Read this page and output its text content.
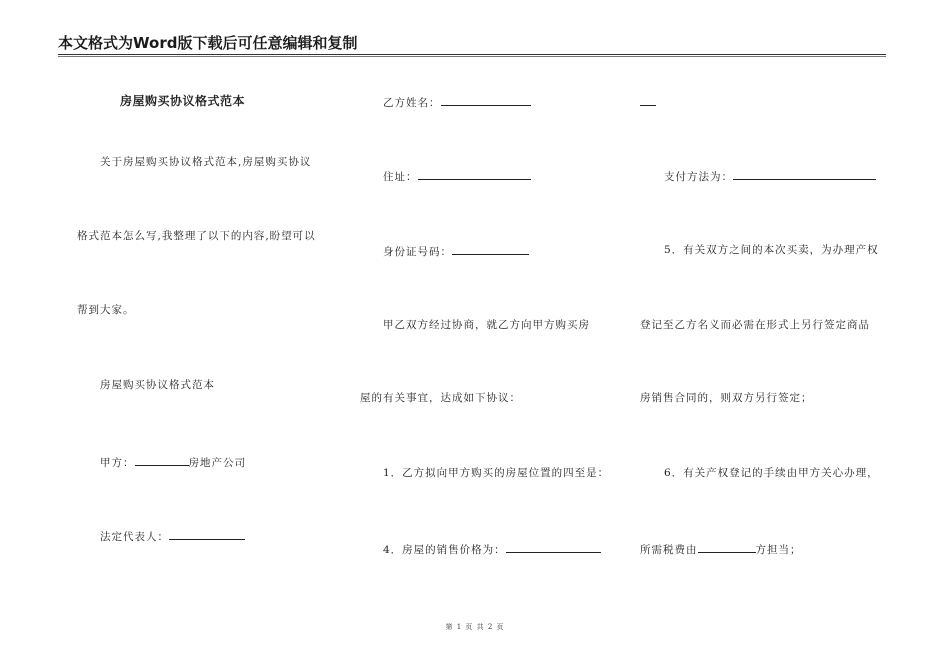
本文格式为Word版下载后可任意编辑和复制
房屋购买协议格式范本
关于房屋购买协议格式范本,房屋购买协议
格式范本怎么写,我整理了以下的内容,盼望可以
帮到大家。
房屋购买协议格式范本
甲方：	房地产公司
法定代表人：
乙方姓名：
住址：
身份证号码：
甲乙双方经过协商，就乙方向甲方购买房
屋的有关事宜，达成如下协议：
1．乙方拟向甲方购买的房屋位置的四至是：
4．房屋的销售价格为：
支付方法为：
5．有关双方之间的本次买卖，为办理产权
登记至乙方名义而必需在形式上另行签定商品
房销售合同的，则双方另行签定；
6．有关产权登记的手续由甲方关心办理，
所需税费由	方担当；
第 1 页 共 2 页
